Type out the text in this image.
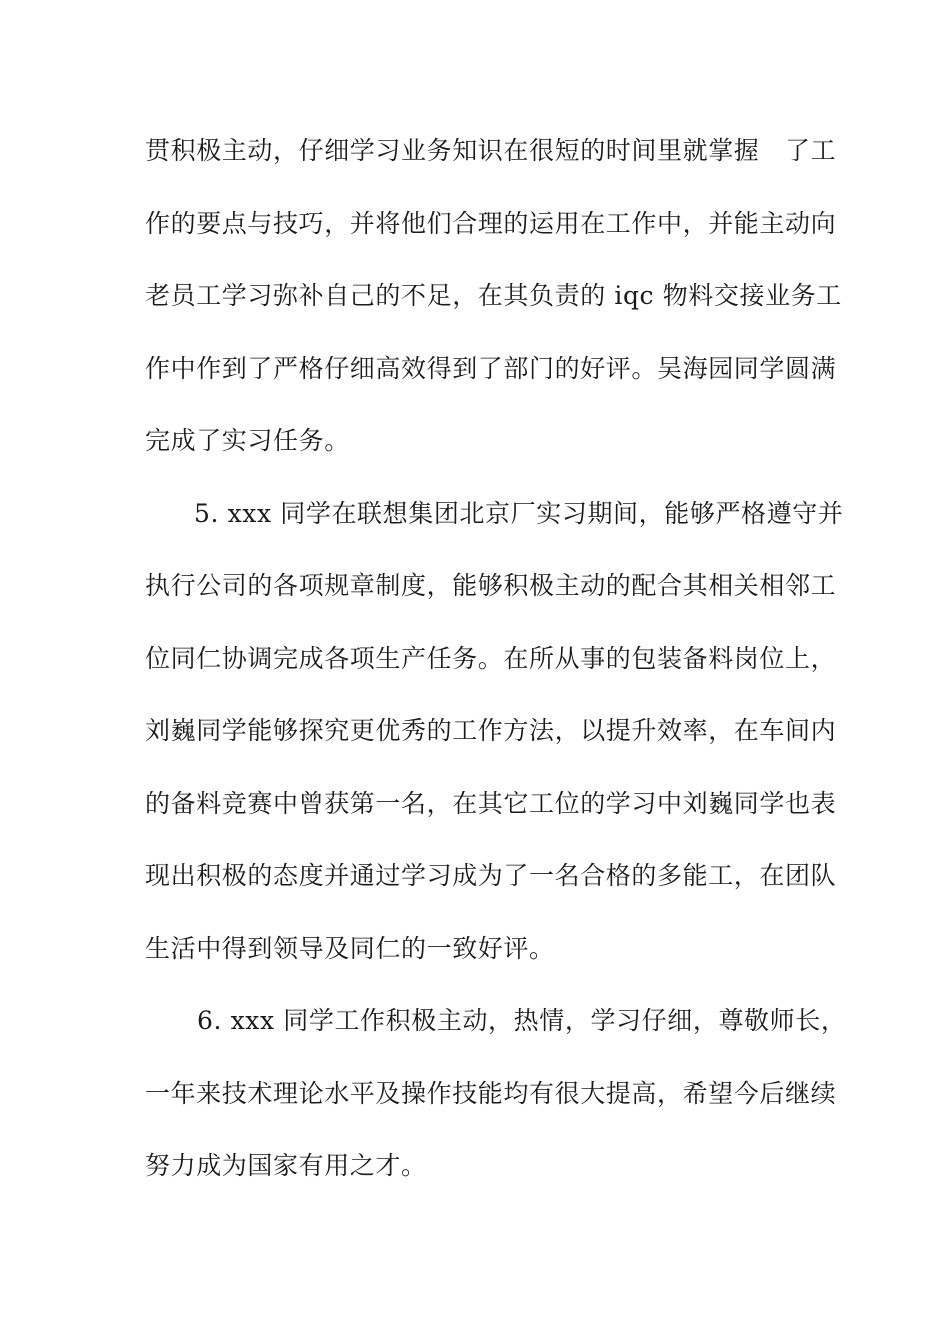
贯积极主动，仔细学习业务知识在很短的时间里就掌握　了工
作的要点与技巧，并将他们合理的运用在工作中，并能主动向
老员工学习弥补自己的不足，在其负责的 iqc 物料交接业务工
作中作到了严格仔细高效得到了部门的好评。吴海园同学圆满
完成了实习任务。
5. xxx 同学在联想集团北京厂实习期间，能够严格遵守并
执行公司的各项规章制度，能够积极主动的配合其相关相邻工
位同仁协调完成各项生产任务。在所从事的包装备料岗位上，
刘巍同学能够探究更优秀的工作方法，以提升效率，在车间内
的备料竞赛中曾获第一名，在其它工位的学习中刘巍同学也表
现出积极的态度并通过学习成为了一名合格的多能工，在团队
生活中得到领导及同仁的一致好评。
6. xxx 同学工作积极主动，热情，学习仔细，尊敬师长，
一年来技术理论水平及操作技能均有很大提高，希望今后继续
努力成为国家有用之才。
